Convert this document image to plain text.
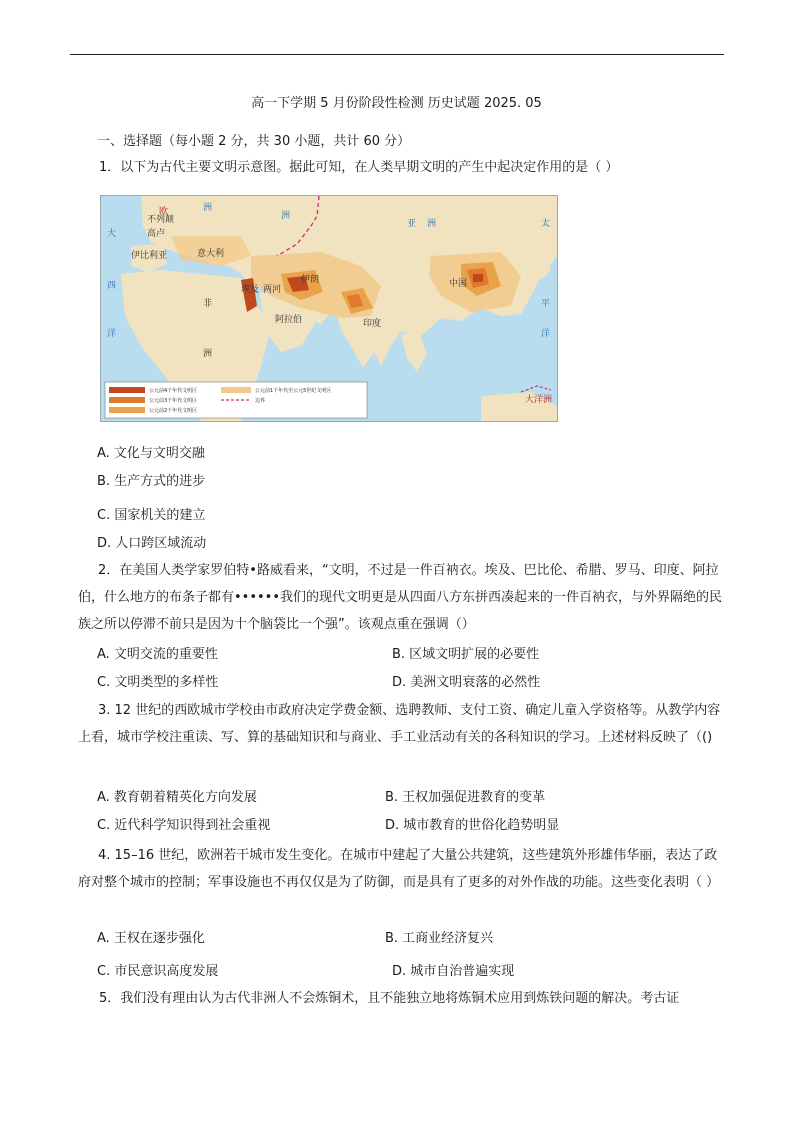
高一下学期 5 月份阶段性检测 历史试题 2025. 05
一、选择题（每小题 2 分，共 30 小题，共计 60 分）
1．以下为古代主要文明示意图。据此可知，在人类早期文明的产生中起决定作用的是（ ）
欧
不列颠
高卢
伊比利亚	意大利
洲
大
西
洋
非
洲
埃及 两河
阿拉伯
伊朗
印度
中国
亚 洲
洲
太
平
洋
大洋洲
公元前4千年代文明区
公元前3千年代文明区
公元前2千年代文明区
公元前1千年代至公元5世纪文明区
边界
A. 文化与文明交融
B. 生产方式的进步
C. 国家机关的建立
D. 人口跨区域流动
2．在美国人类学家罗伯特•路威看来，“文明，不过是一件百衲衣。埃及、巴比伦、希腊、罗马、印度、阿拉伯，什么地方的布条子都有••••••我们的现代文明更是从四面八方东拼西凑起来的一件百衲衣，与外界隔绝的民族之所以停滞不前只是因为十个脑袋比一个强”。该观点重在强调（）
A. 文明交流的重要性	B. 区域文明扩展的必要性
C. 文明类型的多样性	D. 美洲文明衰落的必然性
3. 12 世纪的西欧城市学校由市政府决定学费金额、选聘教师、支付工资、确定儿童入学资格等。从教学内容上看，城市学校注重读、写、算的基础知识和与商业、手工业活动有关的各科知识的学习。上述材料反映了（()
A. 教育朝着精英化方向发展	B. 王权加强促进教育的变革
C. 近代科学知识得到社会重视	D. 城市教育的世俗化趋势明显
4. 15–16 世纪，欧洲若干城市发生变化。在城市中建起了大量公共建筑，这些建筑外形雄伟华丽，表达了政府对整个城市的控制；军事设施也不再仅仅是为了防御，而是具有了更多的对外作战的功能。这些变化表明（ ）
A. 王权在逐步强化	B. 工商业经济复兴
C. 市民意识高度发展	D. 城市自治普遍实现
5．我们没有理由认为古代非洲人不会炼铜术，且不能独立地将炼铜术应用到炼铁问题的解决。考古证
